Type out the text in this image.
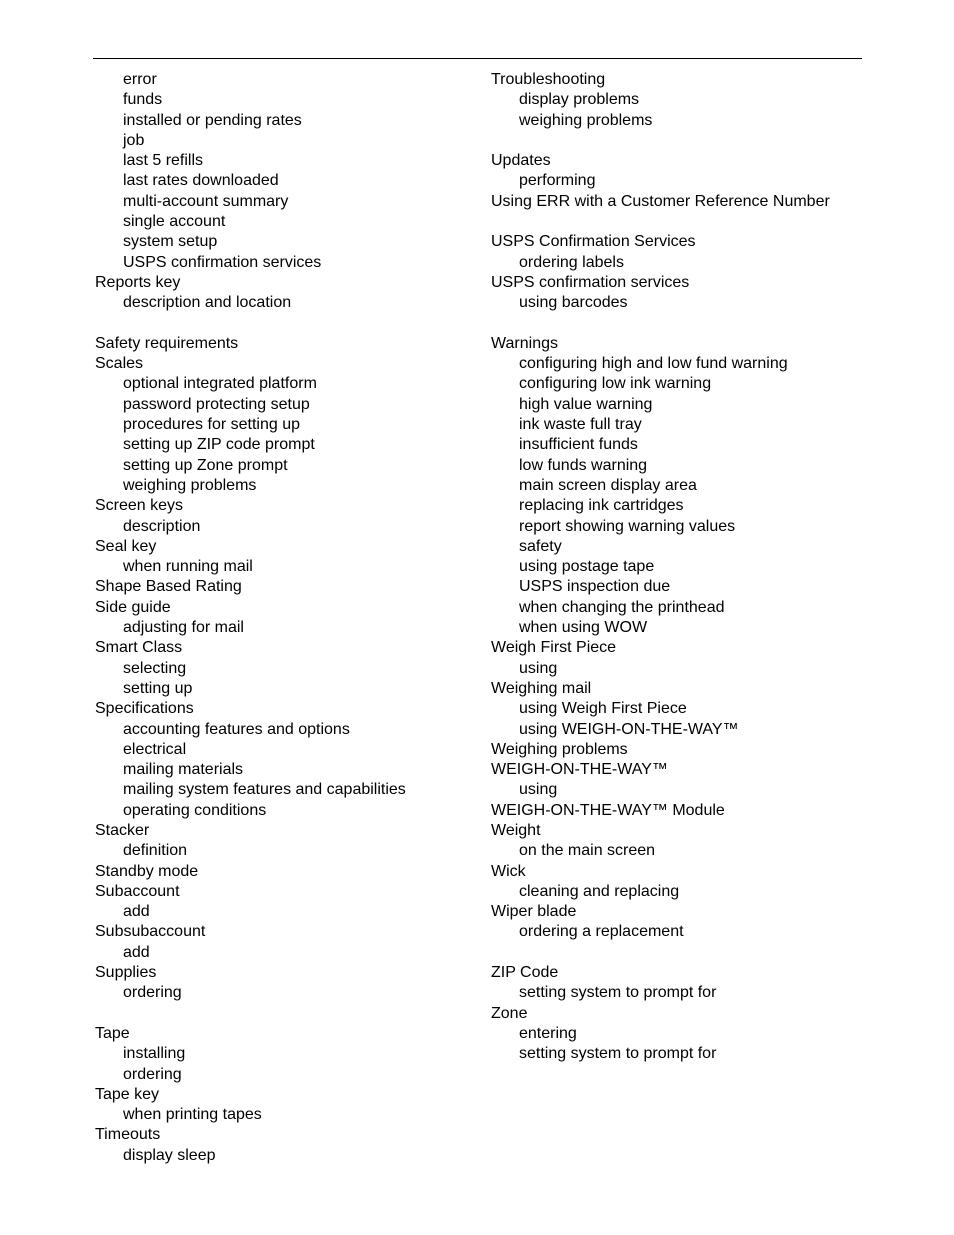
error
funds
installed or pending rates
job
last 5 refills
last rates downloaded
multi-account summary
single account
system setup
USPS confirmation services
Reports key
description and location
Safety requirements
Scales
optional integrated platform
password protecting setup
procedures for setting up
setting up ZIP code prompt
setting up Zone prompt
weighing problems
Screen keys
description
Seal key
when running mail
Shape Based Rating
Side guide
adjusting for mail
Smart Class
selecting
setting up
Specifications
accounting features and options
electrical
mailing materials
mailing system features and capabilities
operating conditions
Stacker
definition
Standby mode
Subaccount
add
Subsubaccount
add
Supplies
ordering
Tape
installing
ordering
Tape key
when printing tapes
Timeouts
display sleep
Troubleshooting
display problems
weighing problems
Updates
performing
Using ERR with a Customer Reference Number
USPS Confirmation Services
ordering labels
USPS confirmation services
using barcodes
Warnings
configuring high and low fund warning
configuring low ink warning
high value warning
ink waste full tray
insufficient funds
low funds warning
main screen display area
replacing ink cartridges
report showing warning values
safety
using postage tape
USPS inspection due
when changing the printhead
when using WOW
Weigh First Piece
using
Weighing mail
using Weigh First Piece
using WEIGH-ON-THE-WAY™
Weighing problems
WEIGH-ON-THE-WAY™
using
WEIGH-ON-THE-WAY™ Module
Weight
on the main screen
Wick
cleaning and replacing
Wiper blade
ordering a replacement
ZIP Code
setting system to prompt for
Zone
entering
setting system to prompt for
